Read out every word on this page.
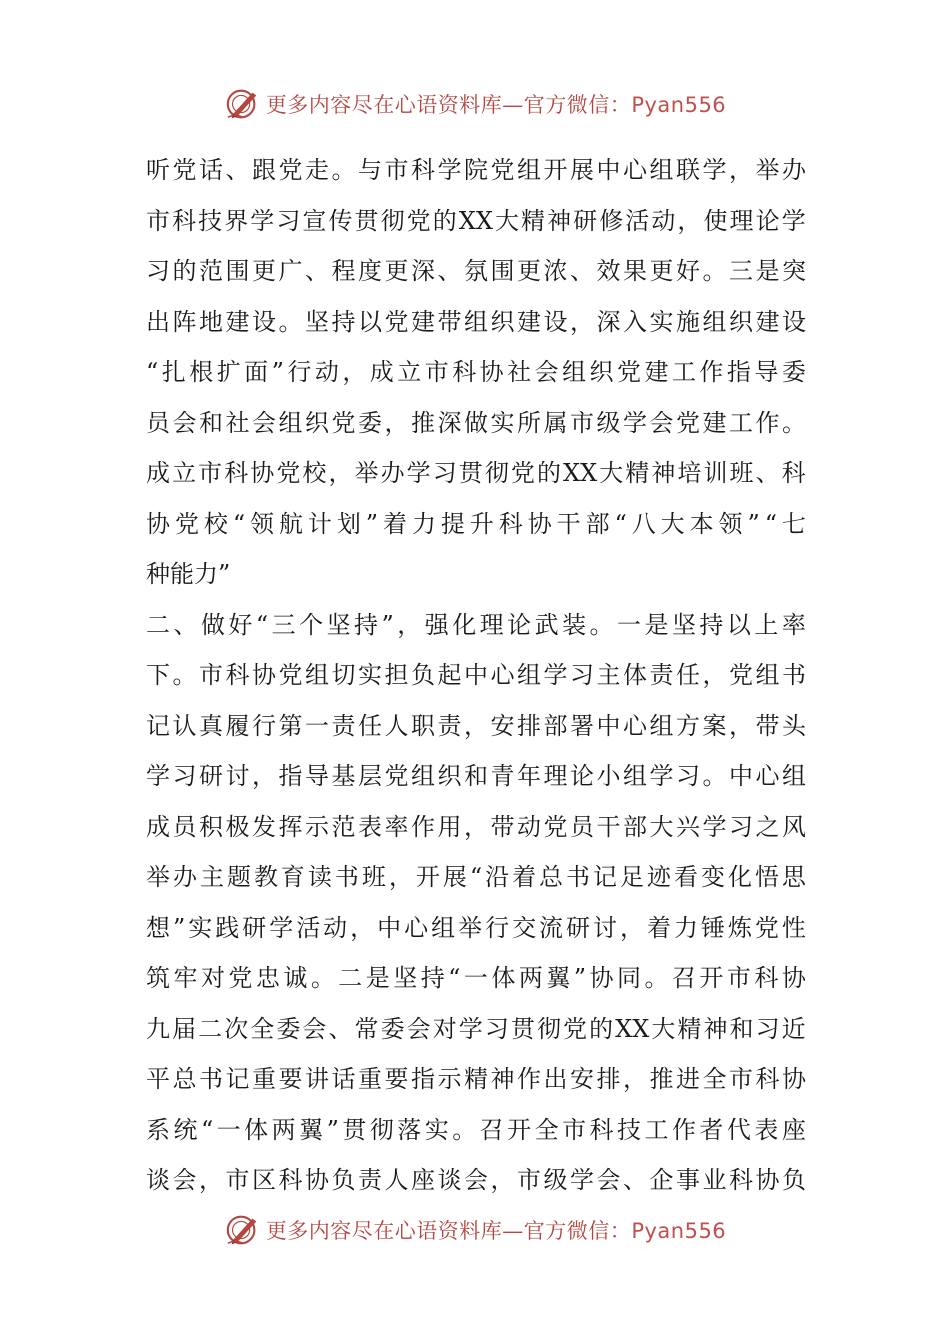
更多内容尽在心语资料库—官方微信：Pyan556
听 党 话 、 跟 党 走 。 与 市 科 学 院 党 组 开 展 中 心 组 联 学 ， 举 办
市 科 技 界 学 习 宣 传 贯 彻 党 的 XX 大 精 神 研 修 活 动 ， 使 理 论 学
习 的 范 围 更 广 、 程 度 更 深 、 氛 围 更 浓 、 效 果 更 好 。 三 是 突
出 阵 地 建 设 。 坚 持 以 党 建 带 组 织 建 设 ， 深 入 实 施 组 织 建 设
“ 扎 根 扩 面 ” 行 动 ， 成 立 市 科 协 社 会 组 织 党 建 工 作 指 导 委
员 会 和 社 会 组 织 党 委 ， 推 深 做 实 所 属 市 级 学 会 党 建 工 作 。
成 立 市 科 协 党 校 ， 举 办 学 习 贯 彻 党 的 XX 大 精 神 培 训 班 、 科
协 党 校 “ 领 航 计 划 ” 着 力 提 升 科 协 干 部 “ 八 大 本 领 ” “ 七
种 能 力 ”
二 、 做 好 “ 三 个 坚 持 ” ， 强 化 理 论 武 装 。 一 是 坚 持 以 上 率
下 。 市 科 协 党 组 切 实 担 负 起 中 心 组 学 习 主 体 责 任 ， 党 组 书
记 认 真 履 行 第 一 责 任 人 职 责 ， 安 排 部 署 中 心 组 方 案 ， 带 头
学 习 研 讨 ， 指 导 基 层 党 组 织 和 青 年 理 论 小 组 学 习 。 中 心 组
成 员 积 极 发 挥 示 范 表 率 作 用 ， 带 动 党 员 干 部 大 兴 学 习 之 风
举 办 主 题 教 育 读 书 班 ， 开 展 “ 沿 着 总 书 记 足 迹 看 变 化 悟 思
想 ” 实 践 研 学 活 动 ， 中 心 组 举 行 交 流 研 讨 ， 着 力 锤 炼 党 性
筑 牢 对 党 忠 诚 。 二 是 坚 持 “ 一 体 两 翼 ” 协 同 。 召 开 市 科 协
九 届 二 次 全 委 会 、 常 委 会 对 学 习 贯 彻 党 的 XX 大 精 神 和 习 近
平 总 书 记 重 要 讲 话 重 要 指 示 精 神 作 出 安 排 ， 推 进 全 市 科 协
系 统 “ 一 体 两 翼 ” 贯 彻 落 实 。 召 开 全 市 科 技 工 作 者 代 表 座
谈 会 ， 市 区 科 协 负 责 人 座 谈 会 ， 市 级 学 会 、 企 事 业 科 协 负
更多内容尽在心语资料库—官方微信：Pyan556
